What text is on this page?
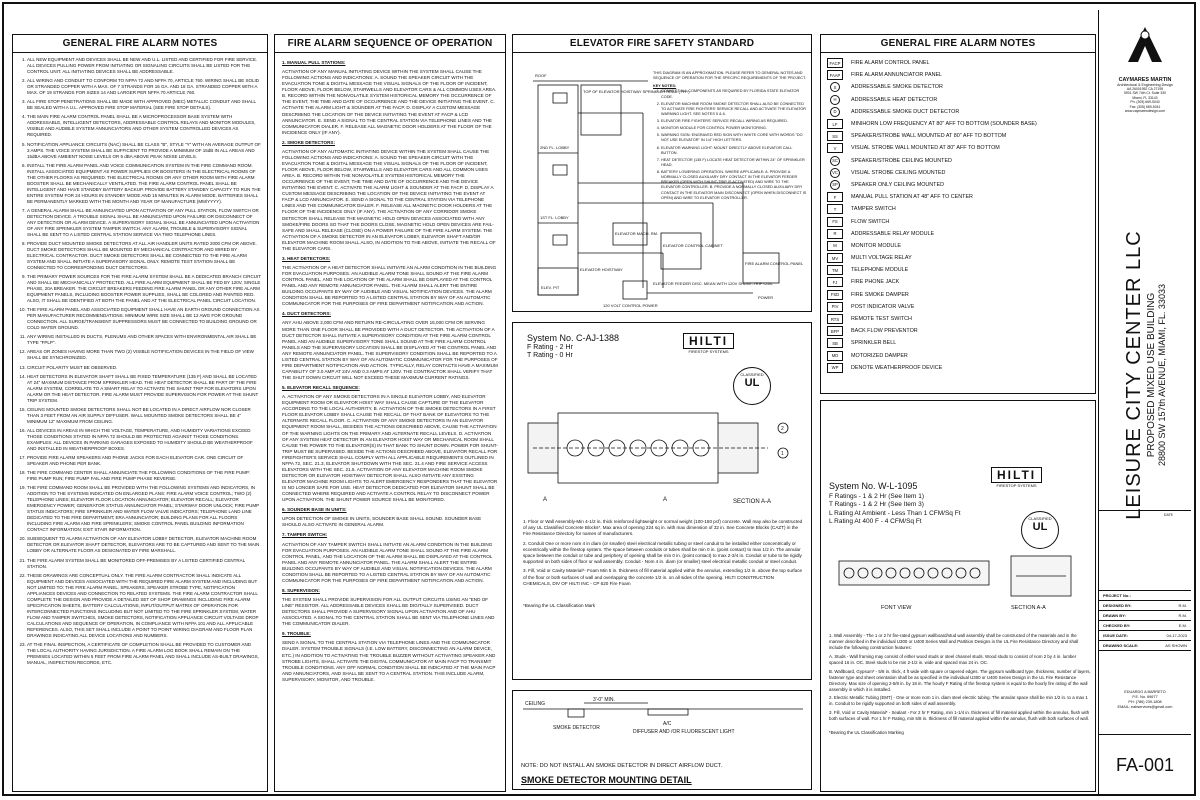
GENERAL FIRE ALARM NOTES
1. ALL NEW EQUIPMENT AND DEVICES SHALL BE NEW AND U.L. LISTED AND CERTIFIED FOR FIRE SERVICE. ALL DEVICES PULLING POWER FROM INITIATING OR SIGNALING CIRCUITS SHALL BE LISTED FOR THE CONTROL UNIT. ALL INITIATING DEVICES SHALL BE ADDRESSABLE.
2. ALL WIRING AND CONDUIT TO CONFORM TO NFPA 72 AND NFPA 70, ARTICLE 760. WIRING SHALL BE SOLID OR STRANDED COPPER WITH A MAX. OF 7 STRANDS FOR 16 GA. AND 18 GA. STRANDED COPPER WITH A MAX. OF 19 STRANDS FOR SIZES 14 AND LARGER PER NFPA 70 ARTICLE 760.
3. ALL FIRE STOP PENETRATIONS SHALL BE MADE WITH APPROVED (MEC) METALLIC CONDUIT AND SHALL BE SEALED WITH A U.L. APPROVED FIRE STOP MATERIAL (SEE FIRE STOP DETAILS).
4. THE MAIN FIRE ALARM CONTROL PANEL SHALL BE A MICROPROCESSOR BASE SYSTEM WITH ADDRESSABLE, INTELLIGENT DETECTORS, ADDRESSABLE CONTROL RELAYS AND MONITOR MODULES, VISIBLE AND AUDIBLE SYSTEM ANNUNCIATORS AND OTHER SYSTEM CONTROLLED DEVICES AS REQUIRED.
5. NOTIFICATION APPLIANCE CIRCUITS (NAC) SHALL BE CLASS "B", STYLE "Y" WITH AN AVERAGE OUTPUT OF 3 AMPS. THE VOICE SYSTEM SHALL BE SUFFICIENT TO PROVIDE A MINIMUM OF 15dB IN ALL AREAS AND 15dBA ABOVE AMBIENT NOISE LEVELS OR 5 dBA ABOVE PEAK NOISE LEVELS.
6. INSTALL THE FIRE ALARM PANEL AND VOICE COMMUNICATION SYSTEM IN THE FIRE COMMAND ROOM. INSTALL ASSOCIATED EQUIPMENT AS POWER SUPPLIES OR BOOSTERS IN THE ELECTRICAL ROOMS OF THE OTHER FLOORS AS REQUIRED. THE ELECTRICAL ROOMS OR ANY OTHER ROOM WITH FIRE ALARM BOOSTER SHALL BE MECHANICALLY VENTILATED. THE FIRE ALARM CONTROL PANEL SHALL BE INTELLIGENT AND HAVE STANDBY BATTERY BACKUP. PROVIDE BATTERY STANDBY CAPACITY TO RUN THE ENTIRE SYSTEM FOR 24 HOURS IN STANDBY MODE AND 15 MINUTES IN ALARM MODE. BATTERIES SHALL BE PERMANENTLY MARKED WITH THE MONTH AND YEAR OF MANUFACTURE (MM/YYYY).
7. A GENERAL ALARM SHALL BE ANNUNCIATED UPON ACTIVATION OF ANY PULL STATION, FLOW SWITCH OR DETECTION DEVICE. A TROUBLE SIGNAL SHALL BE ANNUNCIATED UPON FAILURE OR DISCONNECT OF ANY DETECTION OR ALARM DEVICE. A SUPERVISORY SIGNAL SHALL BE ANNUNCIATED UPON ACTIVATION OF ANY FIRE SPRINKLER SYSTEM TAMPER SWITCH. ANY ALARM, TROUBLE & SUPERVISORY SIGNAL SHALL BE SENT TO A LISTED CENTRAL STATION SERVICE VIA TWO TELEPHONE LINES.
8. PROVIDE DUCT MOUNTED SMOKE DETECTORS AT ALL AIR HANDLER UNITS RATED 2000 CFM OR ABOVE. DUCT SMOKE DETECTORS SHALL BE MOUNTED BY MECHANICAL CONTRACTOR AND WIRED BY ELECTRICAL CONTRACTOR. DUCT SMOKE DETECTORS SHALL BE CONNECTED TO THE FIRE ALARM SYSTEM AND SHALL INITIATE A SUPERVISORY SIGNAL ONLY. REMOTE TEST STATION SHALL BE CONNECTED TO CORRESPONDING DUCT DETECTORS.
9. THE PRIMARY POWER SOURCES FOR THE FIRE ALARM SYSTEM SHALL BE A DEDICATED BRANCH CIRCUIT AND SHALL BE MECHANICALLY PROTECTED. ALL FIRE ALARM EQUIPMENT SHALL BE FED BY 120V, SINGLE PHASE, 20A BREAKER. THE CIRCUIT BREAKERS FEEDING FIRE ALARM PANEL OR ANY OTHER FIRE ALARM EQUIPMENT PANELS, INCLUDING BOOSTER POWER SUPPLIES, SHALL BE COLORED AND PAINTED RED. ALSO, IT SHALL BE IDENTIFIED AT BOTH THE PANEL AND AT THE ELECTRICAL PANEL CIRCUIT LOCATION.
10. THE FIRE ALARM PANEL AND ASSOCIATED EQUIPMENT SHALL HAVE AN EARTH GROUND CONNECTION AS PER MANUFACTURER RECOMMENDATIONS. MINIMUM WIRE SIZE SHALL BE 12 AWG FOR GROUND CONNECTION. ALL SURGE/TRANSIENT SUPPRESSORS MUST BE CONNECTED TO BUILDING GROUND OR COLD WATER GROUND.
11. ANY WIRING INSTALLED IN DUCTS, PLENUMS AND OTHER SPACES WITH ENVIRONMENTAL AIR SHALL BE TYPE "FPLP".
12. AREAS OR ZONES HAVING MORE THAN TWO (2) VISIBLE NOTIFICATION DEVICES IN THE FIELD OF VIEW SHALL BE SYNCHRONIZED.
13. CIRCUIT POLARITY MUST BE OBSERVED.
14. HEAT DETECTORS IN ELEVATOR SHAFT SHALL BE FIXED TEMPERATURE (135 F) AND SHALL BE LOCATED AT 24" MAXIMUM DISTANCE FROM SPRINKLER HEAD. THE HEAT DETECTOR SHALL BE PART OF THE FIRE ALARM SYSTEM, CORRELATE TO A SMART RELAY TO ACTIVATE THE SHUNT TRIP FOR ELEVATORS UPON ALARM OR THE HEAT DETECTOR. FIRE ALARM MUST PROVIDE SUPERVISION FOR POWER AT THE SHUNT TRIP SYSTEM.
15. CEILING MOUNTED SMOKE DETECTORS SHALL NOT BE LOCATED IN A DIRECT AIRFLOW NOR CLOSER THAN 3 FEET FROM AN AIR SUPPLY DIFFUSER. WALL MOUNTED SMOKE DETECTORS SHALL BE 4" MINIMUM 12" MAXIMUM FROM CEILING.
16. ALL DEVICES IN AREAS IN WHICH THE VOLTAGE, TEMPERATURE, AND HUMIDITY VARIATIONS EXCEED THOSE CONDITIONS STATED IN NFPA 72 SHOULD BE PROTECTED AGAINST THOSE CONDITIONS. EXAMPLES: ALL DEVICES IN PARKING GARAGES EXPOSED TO HUMIDITY SHOULD BE WEATHERPROOF AND INSTALLED IN WEATHERPROOF BOXES.
17. PROVIDE FIRE ALARM SPEAKERS AND PHONE JACKS FOR EACH ELEVATOR CAR. ONE CIRCUIT OF SPEAKER AND PHONE PER BANK.
18. THE FIRE COMMAND CENTER SHALL ANNUNCIATE THE FOLLOWING CONDITIONS OF THE FIRE PUMP: FIRE PUMP RUN; FIRE PUMP FAIL AND FIRE PUMP PHASE REVERSE.
19. THE FIRE COMMAND ROOM SHALL BE PROVIDED WITH THE FOLLOWING SYSTEMS AND INDICATORS, IN ADDITION TO THE SYSTEMS INDICATED ON ENLARGED PLANS: FIRE ALARM VOICE CONTROL; TWO (2) TELEPHONE LINES; ELEVATOR FLOOR LOCATION ANNUNCIATOR; ELEVATOR RECALL; ELEVATOR EMERGENCY POWER; GENERATOR STATUS ANNUNCIATOR PANEL; STAIRWAY DOOR UNLOCK; FIRE PUMP STATUS INDICATORS; FIRE SPRINKLER AND WATER FLOW VALVE INDICATORS; TELEPHONE LAND LINE DEDICATED TO THE FIRE DEPARTMENT; ERA ANNUNCIATOR; BUILDING PLANS FOR ALL FLOORS INCLUDING FIRE ALARM AND FIRE SPRINKLERS; SMOKE CONTROL PANEL BUILDING INFORMATION CONTACT INFORMATION; EXIT STAIR INFORMATION.
20. SUBSEQUENT TO ALARM ACTIVATION OF ANY ELEVATOR LOBBY DETECTOR, ELEVATOR MACHINE ROOM DETECTOR OR ELEVATOR SHAFT DETECTOR, ELEVATORS ARE TO BE CAPTURED AND SENT TO THE MAIN LOBBY OR ALTERNATE FLOOR AS DESIGNATED BY FIRE MARSHALL.
21. THE FIRE ALARM SYSTEM SHALL BE MONITORED OFF-PREMISES BY A LISTED CERTIFIED CENTRAL STATION.
22. THESE DRAWINGS ARE CONCEPTUAL ONLY. THE FIRE ALARM CONTRACTOR SHALL INDICATE ALL EQUIPMENT AND DEVICES ASSOCIATED WITH THE REQUIRED FIRE ALARM SYSTEM AND INCLUDING BUT NOT LIMITED TO: THE FIRE ALARM PANEL, SPEAKERS, SPEAKER STROBE TYPE, NOTIFICATION APPLIANCES DEVICES AND CONNECTION TO RELATED SYSTEMS. THE FIRE ALARM CONTRACTOR SHALL COMPLETE THE DESIGN AND PROVIDE A DETAILED SET OF SHOP DRAWINGS INCLUDING FIRE ALARM SPECIFICATION SHEETS, BATTERY CALCULATIONS, INPUT/OUTPUT MATRIX OF OPERATION FOR INTERCONNECTED FUNCTIONS INCLUDING BUT NOT LIMITED TO THE FIRE SPRINKLER SYSTEM, WATER FLOW AND TAMPER SWITCHES, SMOKE DETECTORS, NOTIFICATION APPLIANCE CIRCUIT VOLTAGE DROP CALCULATIONS AND SEQUENCE OF OPERATION, IN COMPLIANCE WITH NFPA 101 AND ALL APPLICABLE REFERENCES. ALSO, THIS SET SHALL INCLUDE A POINT TO POINT WIRING DIAGRAM AND FLOOR PLAN DRAWINGS INDICATING ALL DEVICE LOCATIONS AND NUMBERS.
23. AT THE FINAL INSPECTION, A CERTIFICATE OF COMPLETION SHALL BE PROVIDED TO CUSTOMER AND THE LOCAL AUTHORITY HAVING JURISDICTION. A FIRE ALARM LOG BOOK SHALL REMAIN ON THE PREMISES LOCATED WITHIN 5 FEET FROM FIRE ALARM PANEL AND SHALL INCLUDE AS-BUILT DRAWINGS, MANUAL, INSPECTION RECORDS, ETC.
FIRE ALARM SEQUENCE OF OPERATION

1. MANUAL PULL STATIONS:

ACTIVATION OF ANY MANUAL INITIATING DEVICE WITHIN THE SYSTEM SHALL CAUSE THE FOLLOWING ACTIONS AND INDICATIONS: A. SOUND THE SPEAKER CIRCUIT WITH THE EVACUATION TONE & DIGITAL MESSAGE THE VISUAL SIGNALS OF THE FLOOR OF INCIDENT, FLOOR ABOVE, FLOOR BELOW, STAIRWELLS AND ELEVATOR CARS & ALL COMMON USES AREA. B. RECORD WITHIN THE NONVOLATILE SYSTEM HISTORICAL MEMORY THE OCCURRENCE OF THE EVENT, THE TIME AND DATE OF OCCURRENCE AND THE DEVICE INITIATING THE EVENT. C. ACTIVATE THE ALARM LIGHT & SOUNDER AT THE FACP. D. DISPLAY A CUSTOM MESSAGE DESCRIBING THE LOCATION OF THE DEVICE INITIATING THE EVENT AT FACP & LCD ANNUNCIATOR. E. SEND A SIGNAL TO THE CENTRAL STATION VIA TELEPHONE LINES AND THE COMMUNICATOR DIALER. F. RELEASE ALL MAGNETIC DOOR HOLDERS AT THE FLOOR OF THE INCIDENCE ONLY (IF ANY).

2. SMOKE DETECTORS:

ACTIVATION OF ANY AUTOMATIC INITIATING DEVICE WITHIN THE SYSTEM SHALL CAUSE THE FOLLOWING ACTIONS AND INDICATIONS: A. SOUND THE SPEAKER CIRCUIT WITH THE EVACUATION TONE & DIGITAL MESSAGE THE VISUAL SIGNALS OF THE FLOOR OF INCIDENT, FLOOR ABOVE, FLOOR BELOW, STAIRWELLS AND ELEVATOR CARS AND ALL COMMON USES AREA. B. RECORD WITHIN THE NONVOLATILE SYSTEM HISTORICAL MEMORY THE OCCURRENCE OF THE EVENT, THE TIME AND DATE OF OCCURRENCE AND THE DEVICE INITIATING THE EVENT. C. ACTIVATE THE ALARM LIGHT & SOUNDER AT THE FACP. D. DISPLAY A CUSTOM MESSAGE DESCRIBING THE LOCATION OF THE DEVICE INITIATING THE EVENT AT FACP & LCD ANNUNCIATOR. E. SEND A SIGNAL TO THE CENTRAL STATION VIA TELEPHONE LINES AND THE COMMUNICATOR DIALER. F. RELEASE ALL MAGNETIC DOOR HOLDERS AT THE FLOOR OF THE INCIDENCE ONLY (IF ANY). THE ACTIVATION OF ANY CORRIDOR SMOKE DETECTOR SHALL RELEASE THE MAGNETIC HOLD OPEN DEVICES ASSOCIATED WITH ANY SMOKE/FIRE DOORS SO THAT THE DOORS CLOSE. MAGNETIC HOLD OPEN DEVICES ARE FAIL-SAFE AND SHALL RELEASE (CLOSE) ON A POWER FAILURE OF THE FIRE ALARM SYSTEM. THE ACTIVATION OF A SMOKE DETECTOR IN AN ELEVATOR LOBBY, ELEVATOR SHAFT AND/OR ELEVATOR MACHINE ROOM SHALL ALSO, IN ADDITION TO THE ABOVE, INITIATE THE RECALL OF THE ELEVATOR CARS.

3. HEAT DETECTORS:

THE ACTIVATION OF A HEAT DETECTOR SHALL INITIATE AN ALARM CONDITION IN THE BUILDING FOR EVACUATION PURPOSES. AN AUDIBLE ALARM TONE SHALL SOUND AT THE FIRE ALARM CONTROL PANEL, AND THE LOCATION OF THE ALARM SHALL BE DISPLAYED AT THE CONTROL PANEL AND ANY REMOTE ANNUNCIATOR PANEL. THE ALARM SHALL ALERT THE ENTIRE BUILDING OCCUPANTS BY WAY OF AUDIBLE AND VISUAL NOTIFICATION DEVICES. THE ALARM CONDITION SHALL BE REPORTED TO A LISTED CENTRAL STATION BY WAY OF AN AUTOMATIC COMMUNICATOR FOR THE PURPOSES OF FIRE DEPARTMENT NOTIFICATION AND ACTION.

4. DUCT DETECTORS:

ANY AHU ABOVE 2,000 CFM AND RETURN RE-CIRCULATING OVER 15,000 CFM OR SERVING MORE THAN ONE FLOOR SHALL BE PROVIDED WITH A DUCT DETECTOR. THE ACTIVATION OF A DUCT DETECTOR SHALL INITIATE A SUPERVISORY CONDITION AT THE FIRE ALARM CONTROL PANEL AND AN AUDIBLE SUPERVISORY TONE SHALL SOUND AT THE FIRE ALARM CONTROL PANELS AND THE SUPERVISORY LOCATION SHALL BE DISPLAYED AT THE CONTROL PANEL AND ANY REMOTE ANNUNCIATOR PANEL. THE SUPERVISORY CONDITION SHALL BE REPORTED TO A LISTED CENTRAL STATION BY WAY OF AN AUTOMATIC COMMUNICATOR FOR THE PURPOSES OF FIRE DEPARTMENT NOTIFICATION AND ACTION. TYPICALLY, RELAY CONTACTS HAVE A MAXIMUM CAPABILITY OF 3.0 AMP AT 24V AND 0.3 AMPS AT 120V. THE CONTRACTOR SHALL VERIFY THAT THE SHUT DOWN CIRCUIT WILL NOT EXCEED THESE MAXIMUM CURRENT RATINGS.

5. ELEVATOR RECALL SEQUENCE:

A. ACTIVATION OF ANY SMOKE DETECTORS IN A SINGLE ELEVATOR LOBBY, AND ELEVATOR EQUIPMENT ROOM OR ELEVATOR HOIST WAY SHALL CAUSE CAPTURE OF THE ELEVATOR ACCORDING TO THE LOCAL AUTHORITY. B. ACTIVATION OF THE SMOKE DETECTORS IN A FIRST FLOOR ELEVATOR LOBBY SHALL CAUSE THE RECALL OF THAT BANK OF ELEVATORS TO THE ALTERNATE RECALL FLOOR. C. ACTIVATION OF ANY SMOKE DETECTORS IN AN ELEVATOR EQUIPMENT ROOM SHALL, BESIDES THE ACTIONS DESCRIBED ABOVE, CAUSE THE ACTIVATION OF THE WARNING LIGHTS ON THE PRIMARY AND ALTERNATE RECALL LEVELS. D. ACTIVATION OF ANY SYSTEM HEAT DETECTOR IN AN ELEVATOR HOIST WAY OR MECHANICAL ROOM SHALL CAUSE THE POWER TO THE ELEVATOR(S) IN THAT BANK TO SHUNT DOWN. POWER FOR SHUNT-TRIP MUST BE SUPERVISED. BESIDE THE ACTIONS DESCRIBED ABOVE, ELEVATOR RECALL FOR FIREFIGHTER'S SERVICE SHALL COMPLY WITH ALL APPLICABLE REQUIREMENTS OUTLINED IN NFPA 72, SEC. 21.3, ELEVATOR SHUTDOWN WITH THE SEC. 21.4 AND FIRE SERVICE ACCESS ELEVATORS WITH THE SEC. 21.5. ACTIVATION OF ANY ELEVATOR MACHINE ROOM SMOKE DETECTOR OR ELEVATOR HOISTWAY DETECTOR SHALL ALSO INITIATE ANY EXISTING ELEVATOR MACHINE ROOM LIGHTS TO ALERT EMERGENCY RESPONDERS THAT THE ELEVATOR IS NO LONGER SAFE FOR USE. HEAT DETECTOR DEDICATED FOR ELEVATOR SHUNT SHALL BE CONNECTED WHERE REQUIRED AND ACTIVATE A CONTROL RELAY TO DISCONNECT POWER UPON ACTIVATION. THE SHUNT POWER SOURCE SHALL BE MONITORED.

6. SOUNDER BASE IN UNITS:

UPON DETECTION OF SMOKE IN UNITS, SOUNDER BASE SHALL SOUND. SOUNDER BASE SHOULD ALSO ACTIVATE IN GENERAL ALARM.

7. TAMPER SWITCH:

ACTIVATION OF ANY TAMPER SWITCH SHALL INITIATE AN ALARM CONDITION IN THE BUILDING FOR EVACUATION PURPOSES. AN AUDIBLE ALARM TONE SHALL SOUND AT THE FIRE ALARM CONTROL PANEL, AND THE LOCATION OF THE ALARM SHALL BE DISPLAYED AT THE CONTROL PANEL AND ANY REMOTE ANNUNCIATOR PANEL. THE ALARM SHALL ALERT THE ENTIRE BUILDING OCCUPANTS BY WAY OF AUDIBLE AND VISUAL NOTIFICATION DEVICES. THE ALARM CONDITION SHALL BE REPORTED TO A LISTED CENTRAL STATION BY WAY OF AN AUTOMATIC COMMUNICATOR FOR THE PURPOSES OF FIRE DEPARTMENT NOTIFICATION AND ACTION.

8. SUPERVISION:

THE SYSTEM SHALL PROVIDE SUPERVISION FOR ALL OUTPUT CIRCUITS USING AN "END OF LINE" RESISTOR. ALL ADDRESSABLE DEVICES SHALL BE DIGITALLY SUPERVISED. DUCT DETECTORS SHALL PROVIDE A SUPERVISORY SIGNAL UPON ACTIVATION AND OF AHU ASSOCIATED. A SIGNAL TO THE CENTRAL STATION SHALL BE SENT VIA TELEPHONE LINES AND THE COMMUNICATOR DIALER.

9. TROUBLE:

SEND A SIGNAL TO THE CENTRAL STATION VIA TELEPHONE LINES AND THE COMMUNICATOR DIALER. SYSTEM TROUBLE SIGNALS (I.E. LOW BATTERY, DISCONNECTING AN ALARM DEVICE, ETC.) IN ADDITION TO ACTIVATING THE TROUBLE BUZZER WITHOUT ACTIVATING SPEAKER AND STROBE LIGHTS, SHALL ACTIVATE THE DIGITAL COMMUNICATOR AT MAIN FACP TO TRANSMIT TROUBLE CONDITIONS. ANY OFF NORMAL CONDITION SHALL BE INDICATED AT THE MAIN FACP AND ANNUNCIATORS, AND SHALL BE SENT TO A CENTRAL STATION. THIS INCLUDE ALARM, SUPERVISORY, MONITOR, AND TROUBLE.

ELEVATOR FIRE SAFETY STANDARD
ROOF
TOP OF ELEVATOR HOISTWAY SPRINKLER HEAD (TYP.)
2ND FL. LOBBY
1ST FL. LOBBY
ELEV. PIT
ELEVATOR HOISTWAY
ELEVATOR MACH. RM.
ELEVATOR CONTROL CABINET
FIRE ALARM CONTROL PANEL
120 VOLT CONTROL POWER
ELEVATOR FEEDER DISC. MEAN WITH 120V SHUNT-TRIP COIL
POWER
THIS DIAGRAM IS AN APPROXIMATION. PLEASE REFER TO GENERAL NOTES AND SEQUENCE OF OPERATION FOR THE SPECIFIC REQUIREMENTS OF THE PROJECT.
KEY NOTES:
1. CONNECT ALL COMPONENTS AS REQUIRED BY FLORIDA STATE ELEVATOR CODE.
2. ELEVATOR MACHINE ROOM SMOKE DETECTOR SHALL ALSO BE CONNECTED TO ACTIVATE FIRE FIGHTERS' SERVICE RECALL AND ACTIVATE THE ELEVATOR WARNING LIGHT. SEE NOTES 5 & 6.
3. ELEVATOR FIRE FIGHTERS' SERVICE RECALL WIRING AS REQUIRED.
4. MONITOR MODULE FOR CONTROL POWER MONITORING.
5. WARNING SIGN: ENGRAVED RED SIGN WITH WHITE CORE WITH WORDS "DO NOT USE ELEVATOR" IN 1/4" HIGH LETTERS.
6. ELEVATOR WARNING LIGHT: MOUNT DIRECTLY ABOVE ELEVATOR CALL BUTTON.
7. HEAT DETECTOR (135 F) LOCATE HEAT DETECTOR WITHIN 24" OF SPRINKLER HEAD.
8. BATTERY LOWERING OPERATION. WHERE APPLICABLE: A. PROVIDE A NORMALLY CLOSED AUXILIARY DRY CONTACT IN THE ELEVATOR FEEDER BREAKER (OPEN WITH SHUNT-TRIP IS ACTIVATED) AND WIRE TO THE ELEVATOR CONTROLLER. B. PROVIDE A NORMALLY CLOSED AUXILIARY DRY CONTACT IN THE ELEVATOR MAIN DISCONNECT (OPEN WHEN DISCONNECT IS OPEN) AND WIRE TO ELEVATOR CONTROLLER.
System No. C-AJ-1388
F Rating - 2 Hr
T Rating - 0 Hr
HILTI
FIRESTOP SYSTEMS
CLASSIFIED
UL
A	A	SECTION A-A
2
1

1. Floor or Wall Assembly-Min 4-1/2 in. thick reinforced lightweight or normal weight (100-150 pcf) concrete. Wall may also be constructed of any UL Classified Concrete Blocks*. Max area of opening 224 sq in. with max dimension of 32 in. See Concrete Blocks (CAZT) in the Fire Resistance Directory for names of manufacturers.

2. Conduit One or more nom 4 in diam (or smaller) steel electrical metallic tubing or steel conduit to be installed either concentrically or eccentrically within the firestop system. The space between conduits or tubes shall be min 0 in. (point contact) to max 1/2 in. The annular space between the conduit or tube and periphery of opening shall be min 0 in. (point contact) to max 2-3/4 in. Conduit or tube to be rigidly supported on both sides of floor or wall assembly. Conduit - Nom 4 in. diam (or smaller) steel electrical metallic conduit or steel conduit.

3. Fill, Void or Cavity Material*- Foam Min 5 in. thickness of fill material applied within the annulus, extending 1/2 in. above the top surface of the floor or both surfaces of wall and overlapping the concrete 1/2 in. on all sides of the opening. HILTI CONSTRUCTION CHEMICALS, DIV OF HILTI INC - CP 620 Fire Foam

*Bearing the UL Classification Mark
CEILING
3'-0" MIN.
SMOKE DETECTOR
A/C
DIFFUSER AND /OR FLUORESCENT LIGHT
NOTE: DO NOT INSTALL AN SMOKE DETECTOR IN DIRECT AIRFLOW DUCT.
SMOKE DETECTOR MOUNTING DETAIL
GENERAL FIRE ALARM NOTES
FACP	FIRE ALARM CONTROL PANEL
FAAP	FIRE ALARM ANNUNCIATOR PANEL
S	ADDRESSABLE SMOKE DETECTOR
H	ADDRESSABLE HEAT DETECTOR
D	ADDRESSABLE SMOKE DUCT DETECTOR
LF	MINIHORN LOW FREQUENCY AT 80" AFF TO BOTTOM (SOUNDER BASE)
SS	SPEAKER/STROBE WALL MOUNTED AT 80" AFF TO BOTTOM
V	VISUAL STROBE WALL MOUNTED AT 80" AFF TO BOTTOM
SC	SPEAKER/STROBE CEILING MOUNTED
VC	VISUAL STROBE CEILING MOUNTED
SP	SPEAKER ONLY CEILING MOUNTED
F	MANUAL PULL STATION AT 48" AFF TO CENTER
T	TAMPER SWITCH
FS	FLOW SWITCH
R	ADDRESSABLE RELAY MODULE
M	MONITOR MODULE
MV	MULTI VOLTAGE RELAY
TM	TELEPHONE MODULE
FJ	FIRE PHONE JACK
FSD	FIRE SMOKE DAMPER
PIV	POST INDICATOR VALVE
RTS	REMOTE TEST SWITCH
BFP	BACK FLOW PREVENTOR
SB	SPRINKLER BELL
MD	MOTORIZED DAMPER
WP	DENOTE WEATHERPROOF DEVICE
HILTI
FIRESTOP SYSTEMS
System No. W-L-1095
F Ratings - 1 & 2 Hr (See Item 1)
T Ratings - 1 & 2 Hr (See Item 3)
L Rating At Ambient - Less Than 1 CFM/Sq Ft
L Rating At 400 F - 4 CFM/Sq Ft	CLASSIFIED
UL
FONT VIEW	SECTION A-A

1. Wall Assembly - The 1 or 2 hr fire-rated gypsum wallboard/stud wall assembly shall be constructed of the materials and in the manner described in the individual U300 or U400 Series Wall and Partition Designs in the UL Fire Resistance Directory and shall include the following construction features:

A. Studs - Wall framing may consist of either wood studs or steel channel studs. Wood studs to consist of nom 2 by 4 in. lumber spaced 16 in. OC. Steel studs to be min 2-1/2 in. wide and spaced max 24 in. OC.

B. Wallboard, Gypsum* - 5/8 in. thick, 4 ft wide with square or tapered edges. The gypsum wallboard type, thickness, number of layers, fastener type and sheet orientation shall be as specified in the individual U300 or U400 Series Design in the UL Fire Resistance Directory. Max size of opening 2-5/8 in. by 18 in. The hourly F Rating of the firestop system is equal to the hourly fire rating of the wall assembly in which it is installed.

2. Electric Metallic Tubing (EMT) - One or more nom 1 in. diam steel electric tubing. The annular space shall be min 1/2 in. to a max 1 in. Conduit to be rigidly supported on both sides of wall assembly.

3. Fill, Void or Cavity Material* - Sealant - For 2 hr F Rating, min 1-1/4 in. thickness of fill material applied within the annulus, flush with both surfaces of wall. For 1 hr F Rating, min 5/8 in. thickness of fill material applied within the annulus, flush with both surfaces of wall.

*Bearing the UL Classification Marking
CAYMARES MARTIN
Architectural & Engineering Design
AA 26001952 CA 27195
5901 SW 74th Ct. Suite 330
Miami, FL 33143
Ph: (305) 669-5040
Fax: (305) 669-5041
www.caymaresdesign.com
LEISURE CITY CENTER LLC PROPOSED MIXED USE BUILDING 28800 SW 157th AVENUE, MIAMI, FL. 33033
DATE
PROJECT No.:
DESIGNED BY:	R.M.
DRAWN BY:	R.M.
CHECKED BY:	E.M.
ISSUE DATE:	04-17-2023
DRAWING SCALE:	AS SHOWN
EDUARDO A BARRETO
P.E. No. 69677
PH: (786) 239-1808
EMAIL: eabservices@gmail.com
FA-001
